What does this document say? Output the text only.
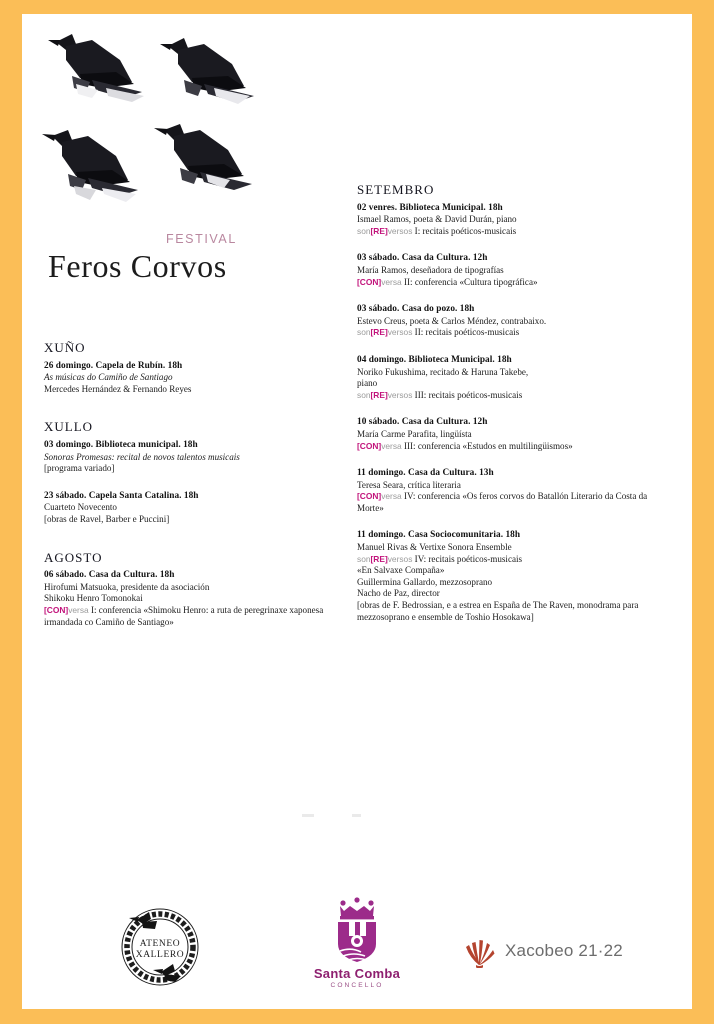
FESTIVAL
Feros Corvos
XUÑO
26 domingo. Capela de Rubín. 18h
As músicas do Camiño de Santiago
Mercedes Hernández & Fernando Reyes
XULLO
03 domingo. Biblioteca municipal. 18h
Sonoras Promesas: recital de novos talentos musicais
[programa variado]
23 sábado. Capela Santa Catalina. 18h
Cuarteto Novecento
[obras de Ravel, Barber e Puccini]
AGOSTO
06 sábado. Casa da Cultura. 18h
Hirofumi Matsuoka, presidente da asociación
Shikoku Henro Tomonokai
[CON]versa I: conferencia «Shimoku Henro: a ruta de peregrinaxe xaponesa irmandada co Camiño de Santiago»
SETEMBRO
02 venres. Biblioteca Municipal. 18h
Ismael Ramos, poeta & David Durán, piano
son[RE]versos I: recitais poéticos-musicais
03 sábado. Casa da Cultura. 12h
María Ramos, deseñadora de tipografías
[CON]versa II: conferencia «Cultura tipográfica»
03 sábado. Casa do pozo. 18h
Estevo Creus, poeta & Carlos Méndez, contrabaixo.
son[RE]versos II: recitais poéticos-musicais
04 domingo. Biblioteca Municipal. 18h
Noriko Fukushima, recitado & Haruna Takebe,
piano
son[RE]versos III: recitais poéticos-musicais
10 sábado. Casa da Cultura. 12h
María Carme Parafita, lingüísta
[CON]versa III: conferencia «Estudos en multilingüismos»
11 domingo. Casa da Cultura. 13h
Teresa Seara, crítica literaria
[CON]versa IV: conferencia «Os feros corvos do Batallón Literario da Costa da Morte»
11 domingo. Casa Sociocomunitaria. 18h
Manuel Rivas & Vertixe Sonora Ensemble
son[RE]versos IV: recitais poéticos-musicais
«En Salvaxe Compaña»
Guillermina Gallardo, mezzosoprano
Nacho de Paz, director
[obras de F. Bedrossian, e a estrea en España de The Raven, monodrama para mezzosoprano e ensemble de Toshio Hosokawa]
ATENEO
XALLERO
Santa Comba
CONCELLO
Xacobeo 21·22
